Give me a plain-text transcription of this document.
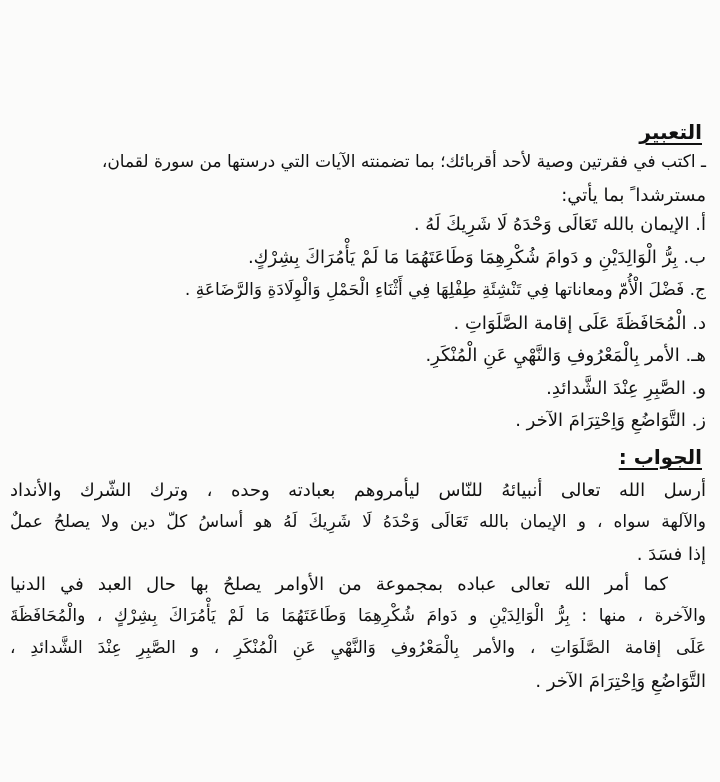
التعبير
ـ اكتب في فقرتين وصية لأحد أقربائك؛ بما تضمنته الآيات التي درستها من سورة لقمان،
مسترشدا ً بما يأتي:
أ. الإيمان بالله تَعَالَى وَحْدَهُ لَا شَرِيكَ لَهُ .
ب. بِرُّ الْوَالِدَيْنِ و دَوامَ شُكْرِهِمَا وَطَاعَتَهُمَا مَا لَمْ يَأْمُرَاكَ بِشِرْكٍ.
ج. فَضْلَ الْأُمّ ومعاناتها فِي تَنْشِئَةِ طِفْلِهَا فِي أَثْنَاءِ الْحَمْلِ وَالْوِلَادَةِ وَالرَّضَاعَةِ .
د. الْمُحَافَظَةَ عَلَى إقامة الصَّلَوَاتِ .
هـ. الأمر بِالْمَعْرُوفِ وَالنَّهْيِ عَنِ الْمُنْكَرِ.
و. الصَّبِرِ عِنْدَ الشَّدائدِ.
ز. التَّوَاضُعِ وَاِحْتِرَامَ الآخر .
الجواب :
أرسل الله تعالى أنبيائهُ للنّاس ليأمروهم بعبادته وحده ، وترك الشّرك والأنداد
والآلهة سواه ، و الإيمان بالله تَعَالَى وَحْدَهُ لَا شَرِيكَ لَهُ هو أساسُ كلّ دين ولا يصلحُ عملٌ
إذا فسَدَ .
كما أمر الله تعالى عباده بمجموعة من الأوامر يصلحُ بها حال العبد في الدنيا
والآخرة ، منها : بِرُّ الْوَالِدَيْنِ و دَوامَ شُكْرِهِمَا وَطَاعَتَهُمَا مَا لَمْ يَأْمُرَاكَ بِشِرْكٍ ، والْمُحَافَظَةَ
عَلَى إقامة الصَّلَوَاتِ ، والأمر بِالْمَعْرُوفِ وَالنَّهْيِ عَنِ الْمُنْكَرِ ، و الصَّبِرِ عِنْدَ الشَّدائدِ ،
التَّوَاضُعِ وَاِحْتِرَامَ الآخر .
